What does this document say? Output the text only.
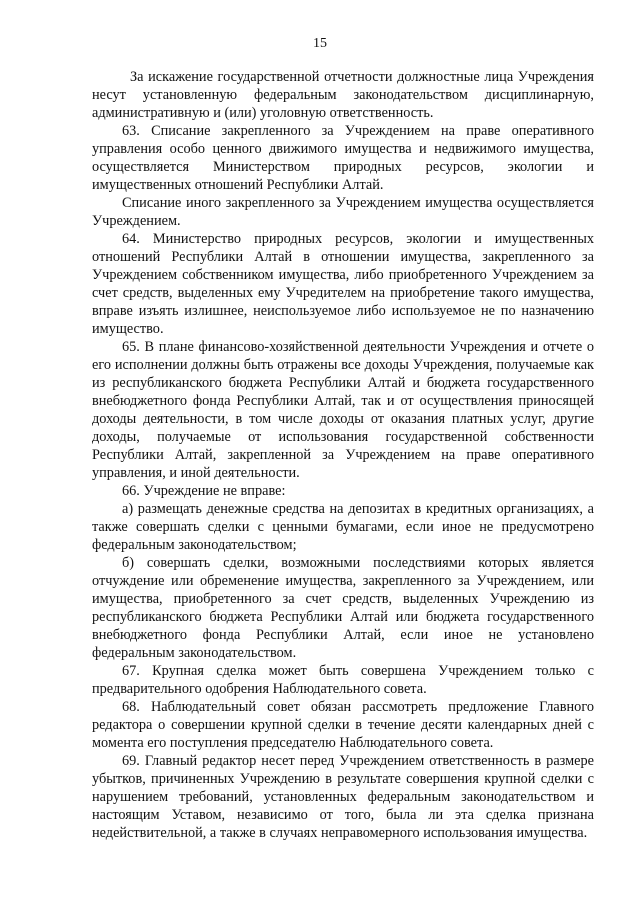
15

За искажение государственной отчетности должностные лица Учреждения несут установленную федеральным законодательством дисциплинарную, административную и (или) уголовную ответственность.

63. Списание закрепленного за Учреждением на праве оперативного управления особо ценного движимого имущества и недвижимого имущества, осуществляется Министерством природных ресурсов, экологии и имущественных отношений Республики Алтай.

Списание иного закрепленного за Учреждением имущества осуществляется Учреждением.

64. Министерство природных ресурсов, экологии и имущественных отношений Республики Алтай в отношении имущества, закрепленного за Учреждением собственником имущества, либо приобретенного Учреждением за счет средств, выделенных ему Учредителем на приобретение такого имущества, вправе изъять излишнее, неиспользуемое либо используемое не по назначению имущество.

65. В плане финансово-хозяйственной деятельности Учреждения и отчете о его исполнении должны быть отражены все доходы Учреждения, получаемые как из республиканского бюджета Республики Алтай и бюджета государственного внебюджетного фонда Республики Алтай, так и от осуществления приносящей доходы деятельности, в том числе доходы от оказания платных услуг, другие доходы, получаемые от использования государственной собственности Республики Алтай, закрепленной за Учреждением на праве оперативного управления, и иной деятельности.

66. Учреждение не вправе:

а) размещать денежные средства на депозитах в кредитных организациях, а также совершать сделки с ценными бумагами, если иное не предусмотрено федеральным законодательством;

б) совершать сделки, возможными последствиями которых является отчуждение или обременение имущества, закрепленного за Учреждением, или имущества, приобретенного за счет средств, выделенных Учреждению из республиканского бюджета Республики Алтай или бюджета государственного внебюджетного фонда Республики Алтай, если иное не установлено федеральным законодательством.

67. Крупная сделка может быть совершена Учреждением только с предварительного одобрения Наблюдательного совета.

68. Наблюдательный совет обязан рассмотреть предложение Главного редактора о совершении крупной сделки в течение десяти календарных дней с момента его поступления председателю Наблюдательного совета.

69. Главный редактор несет перед Учреждением ответственность в размере убытков, причиненных Учреждению в результате совершения крупной сделки с нарушением требований, установленных федеральным законодательством и настоящим Уставом, независимо от того, была ли эта сделка признана недействительной, а также в случаях неправомерного использования имущества.
